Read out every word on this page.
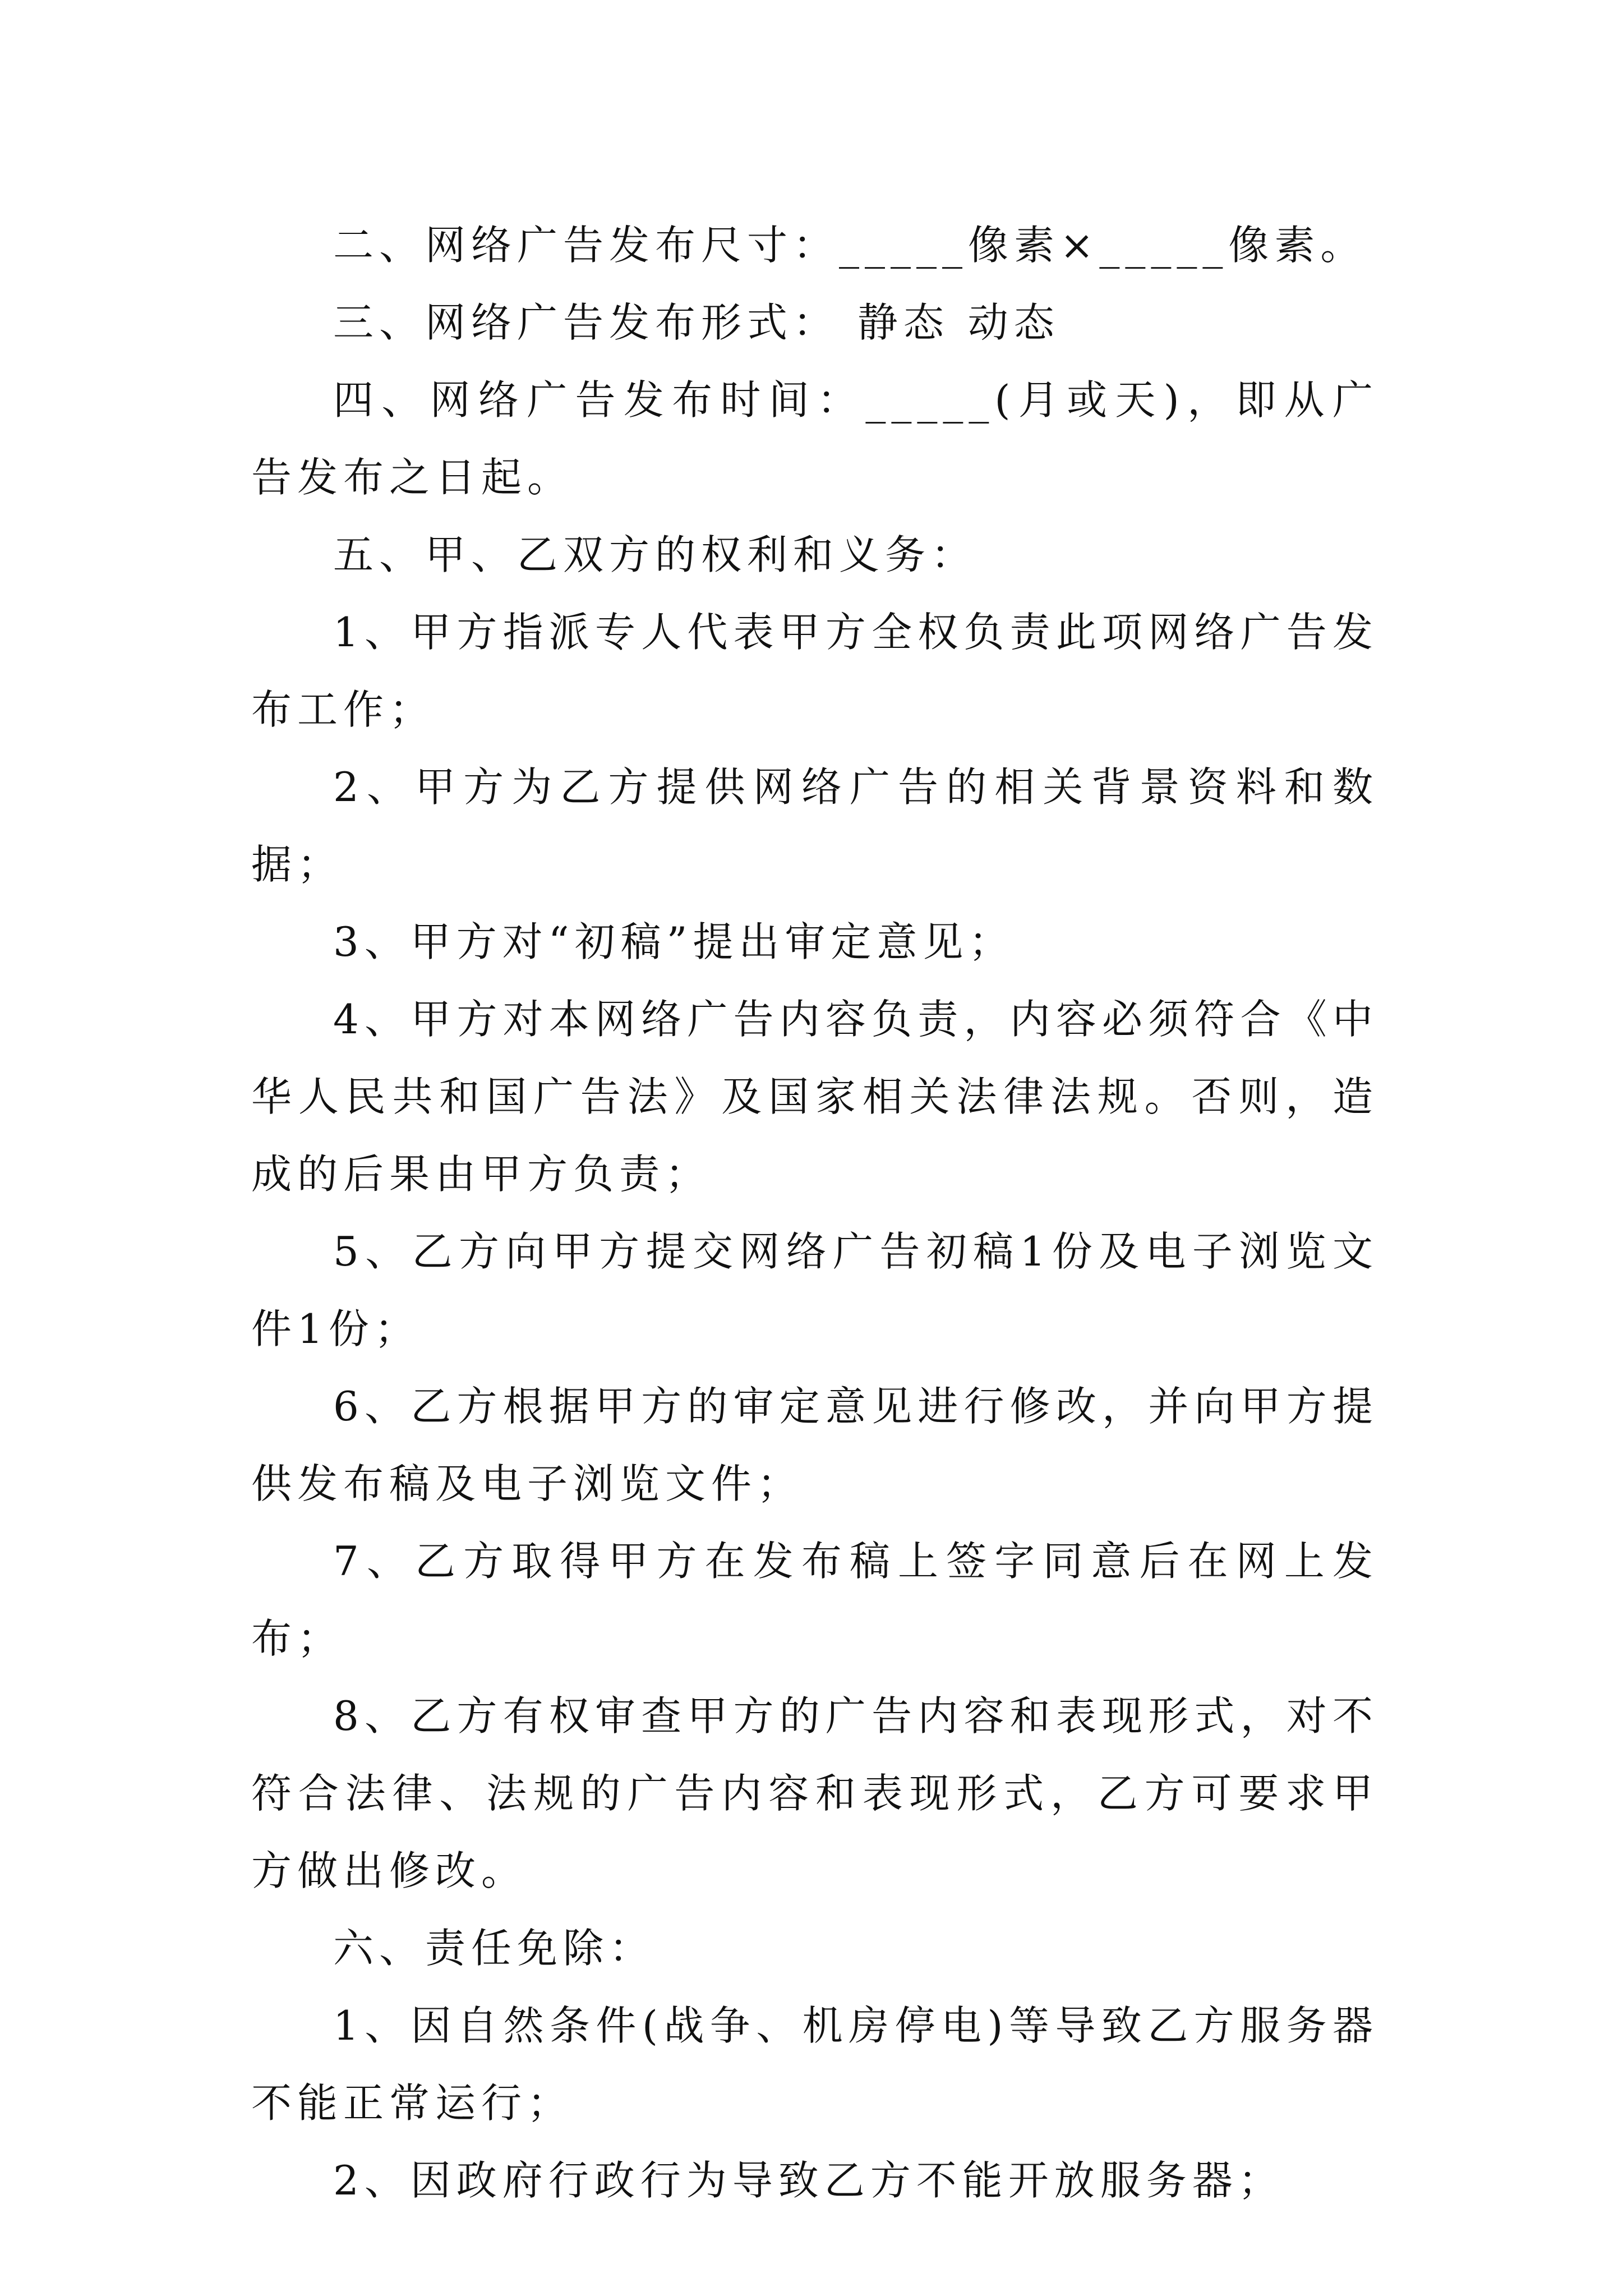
二、网络广告发布尺寸：_____像素×_____像素。

三、网络广告发布形式： 静态 动态

四、网络广告发布时间：_____(月或天)，即从广告发布之日起。

五、甲、乙双方的权利和义务：

1、甲方指派专人代表甲方全权负责此项网络广告发布工作；

2、甲方为乙方提供网络广告的相关背景资料和数据；

3、甲方对“初稿”提出审定意见；

4、甲方对本网络广告内容负责，内容必须符合《中华人民共和国广告法》及国家相关法律法规。否则，造成的后果由甲方负责；

5、乙方向甲方提交网络广告初稿1份及电子浏览文件1份；

6、乙方根据甲方的审定意见进行修改，并向甲方提供发布稿及电子浏览文件；

7、乙方取得甲方在发布稿上签字同意后在网上发布；

8、乙方有权审查甲方的广告内容和表现形式，对不符合法律、法规的广告内容和表现形式，乙方可要求甲方做出修改。

六、责任免除：

1、因自然条件(战争、机房停电)等导致乙方服务器不能正常运行；

2、因政府行政行为导致乙方不能开放服务器；
